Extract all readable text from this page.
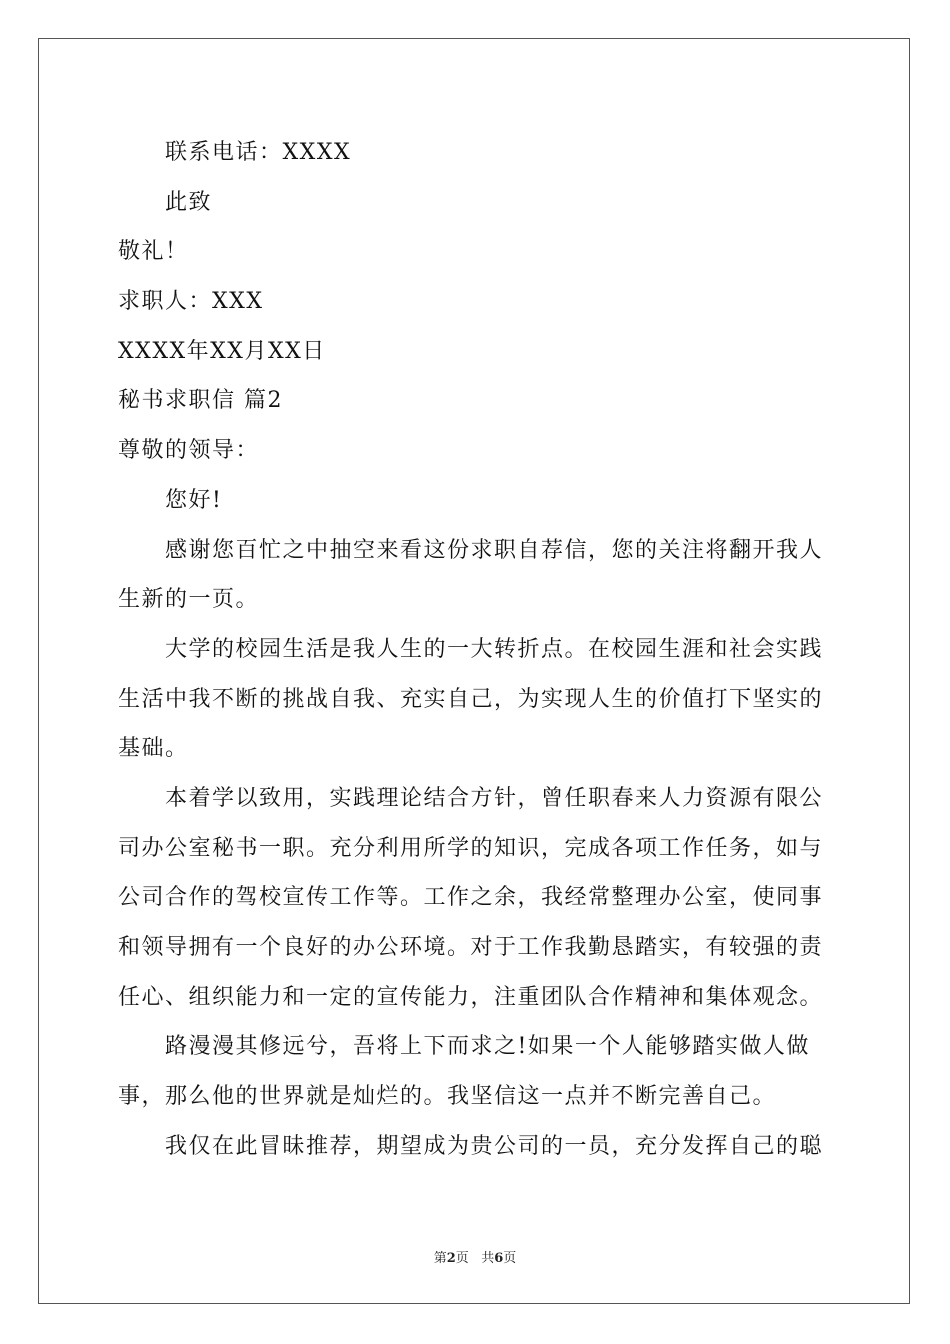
联系电话：XXXX
此致
敬礼！
求职人：XXX
XXXX年XX月XX日
秘书求职信 篇2
尊敬的领导：
您好!
感谢您百忙之中抽空来看这份求职自荐信，您的关注将翻开我人
生新的一页。
大学的校园生活是我人生的一大转折点。在校园生涯和社会实践
生活中我不断的挑战自我、充实自己，为实现人生的价值打下坚实的
基础。
本着学以致用，实践理论结合方针，曾任职春来人力资源有限公
司办公室秘书一职。充分利用所学的知识，完成各项工作任务，如与
公司合作的驾校宣传工作等。工作之余，我经常整理办公室，使同事
和领导拥有一个良好的办公环境。对于工作我勤恳踏实，有较强的责
任心、组织能力和一定的宣传能力，注重团队合作精神和集体观念。
路漫漫其修远兮，吾将上下而求之!如果一个人能够踏实做人做
事，那么他的世界就是灿烂的。我坚信这一点并不断完善自己。
我仅在此冒昧推荐，期望成为贵公司的一员，充分发挥自己的聪
第2页 共6页
